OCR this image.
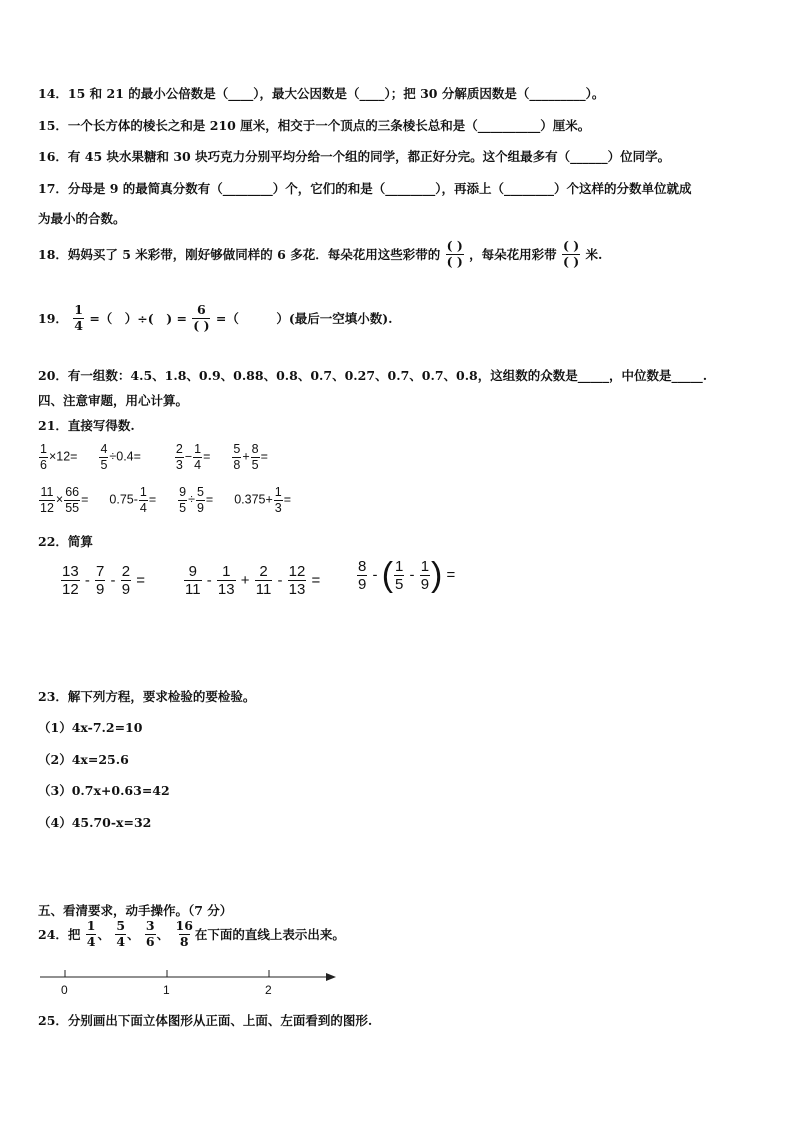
14．15 和 21 的最小公倍数是（____），最大公因数是（____）；把 30 分解质因数是（_________）。
15．一个长方体的棱长之和是 210 厘米，相交于一个顶点的三条棱长总和是（__________）厘米。
16．有 45 块水果糖和 30 块巧克力分别平均分给一个组的同学，都正好分完。这个组最多有（______）位同学。
17．分母是 9 的最简真分数有（________）个，它们的和是（________），再添上（________）个这样的分数单位就成
为最小的合数。
18．妈妈买了 5 米彩带，刚好够做同样的 6 多花．每朵花用这些彩带的 $\frac{( )}{( )}$ ，每朵花用彩带 $\frac{( )}{( )}$ 米.
19． $\frac{1}{4}$ =（　）÷(　) = $\frac{6}{( )}$ =（　　　）(最后一空填小数).
20．有一组数：4.5、1.8、0.9、0.88、0.8、0.7、0.27、0.7、0.7、0.8，这组数的众数是_____，中位数是_____.
四、注意审题，用心计算。
21．直接写得数.
$\frac{1}{6} \times 12= \frac{4}{5} \div 0.4=$	$\frac{2}{3} - \frac{1}{4} = \frac{5}{8} + \frac{8}{5}$ =
$\frac{11}{12} \times \frac{66}{55} = 0.75- \frac{1}{4} = \frac{9}{5} \div \frac{5}{9} = 0.375+ \frac{1}{3}$ =
22．简算
$\frac{13}{12} - \frac{7}{9} - \frac{2}{9}$ =	$\frac{9}{11} - \frac{1}{13} + \frac{2}{11} - \frac{12}{13} = \frac{8}{9}$ - ( $\frac{1}{5} - \frac{1}{9}$ ) =
23．解下列方程，要求检验的要检验。
（1）4x-7.2=10
（2）4x=25.6
（3）0.7x+0.63=42
（4）45.70-x=32
五、看清要求，动手操作。（7 分）
24．把 $\frac{1}{4}$ 、 $\frac{5}{4}$ 、 $\frac{3}{6}$ 、 $\frac{16}{8}$ 在下面的直线上表示出来。
0	1	2
25．分别画出下面立体图形从正面、上面、左面看到的图形.
